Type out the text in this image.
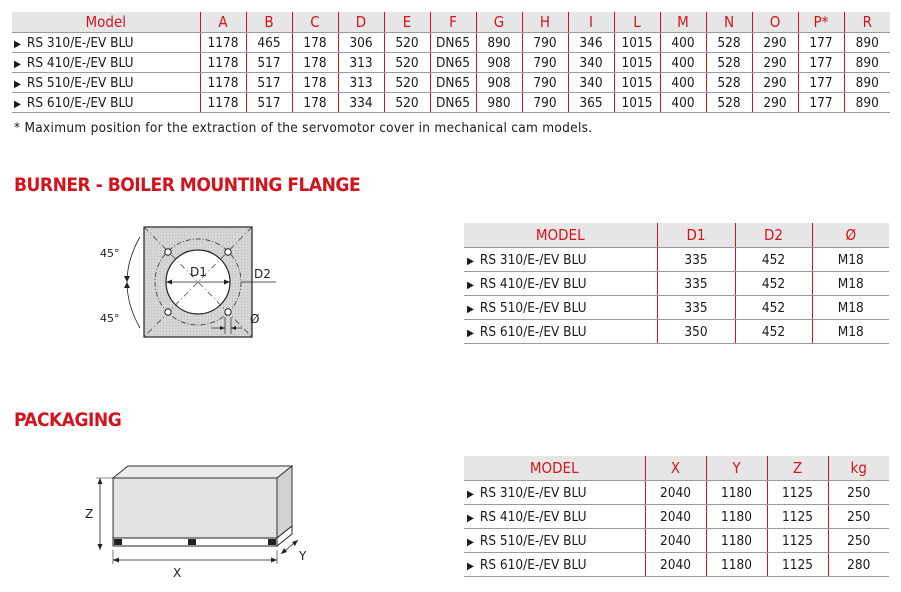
Model	A	B	C	D	E	F	G	H	I	L	M	N	O	P*	R
▶ RS 310/E-/EV BLU	1178	465	178	306	520	DN65	890	790	346	1015	400	528	290	177	890
▶ RS 410/E-/EV BLU	1178	517	178	313	520	DN65	908	790	340	1015	400	528	290	177	890
▶ RS 510/E-/EV BLU	1178	517	178	313	520	DN65	908	790	340	1015	400	528	290	177	890
▶ RS 610/E-/EV BLU	1178	517	178	334	520	DN65	980	790	365	1015	400	528	290	177	890
* Maximum position for the extraction of the servomotor cover in mechanical cam models.
BURNER - BOILER MOUNTING FLANGE
D1	D2
Ø
45°
45°
MODEL	D1	D2	Ø
▶ RS 310/E-/EV BLU	335	452	M18
▶ RS 410/E-/EV BLU	335	452	M18
▶ RS 510/E-/EV BLU	335	452	M18
▶ RS 610/E-/EV BLU	350	452	M18
PACKAGING
Z
X
Y
MODEL	X	Y	Z	kg
▶ RS 310/E-/EV BLU	2040	1180	1125	250
▶ RS 410/E-/EV BLU	2040	1180	1125	250
▶ RS 510/E-/EV BLU	2040	1180	1125	250
▶ RS 610/E-/EV BLU	2040	1180	1125	280
